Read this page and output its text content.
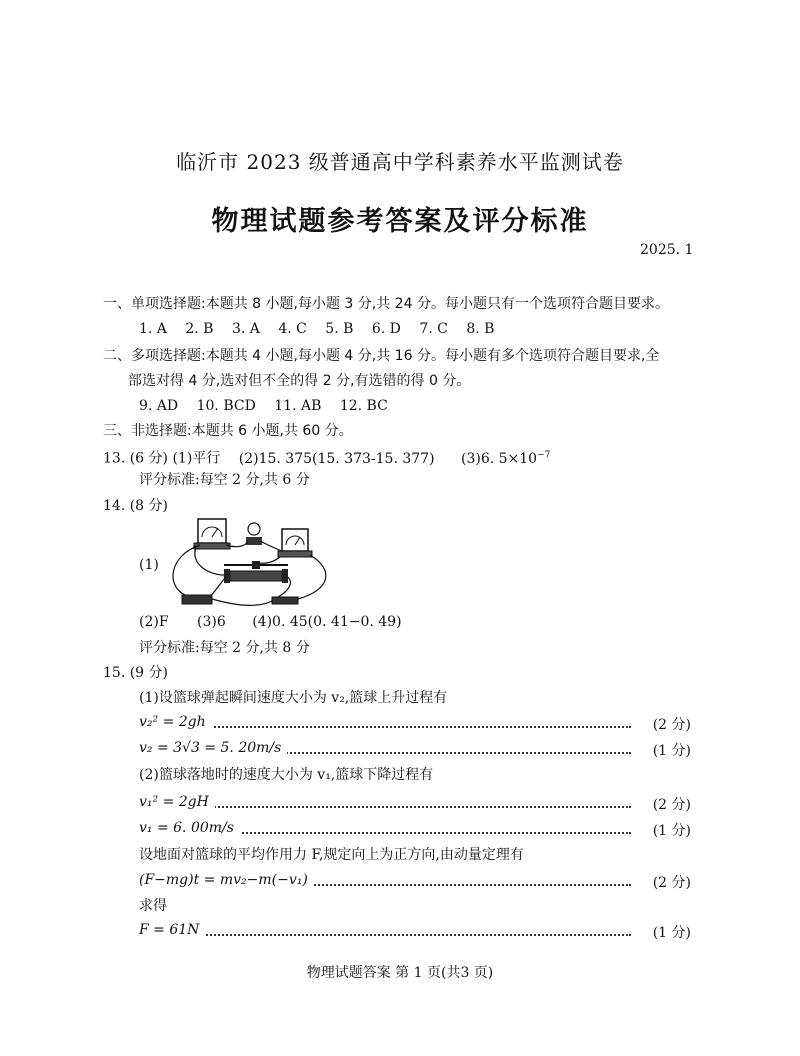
临沂市 2023 级普通高中学科素养水平监测试卷
物理试题参考答案及评分标准
2025. 1
一、单项选择题:本题共 8 小题,每小题 3 分,共 24 分。每小题只有一个选项符合题目要求。
1. A 2. B 3. A 4. C 5. B 6. D 7. C 8. B
二、多项选择题:本题共 4 小题,每小题 4 分,共 16 分。每小题有多个选项符合题目要求,全
部选对得 4 分,选对但不全的得 2 分,有选错的得 0 分。
9. AD 10. BCD 11. AB 12. BC
三、非选择题:本题共 6 小题,共 60 分。
13. (6 分) (1)平行 (2)15. 375(15. 373-15. 377) (3)6. $5\times 10^{-7}$
评分标准:每空 2 分,共 6 分
14. (8 分)
(1)
(2)F (3)6 (4)0. 45(0. 41−0. 49)
评分标准:每空 2 分,共 8 分
15. (9 分)
(1)设篮球弹起瞬间速度大小为 v₂,篮球上升过程有
v₂² = 2gh	(2 分)
v₂ = 3√3 = 5. 20m/s	(1 分)
(2)篮球落地时的速度大小为 v₁,篮球下降过程有
v₁² = 2gH	(2 分)
v₁ = 6. 00m/s	(1 分)
设地面对篮球的平均作用力 F,规定向上为正方向,由动量定理有
(F−mg)t = mv₂−m(−v₁)	(2 分)
求得
F = 61N	(1 分)
物理试题答案 第 1 页(共3 页)
